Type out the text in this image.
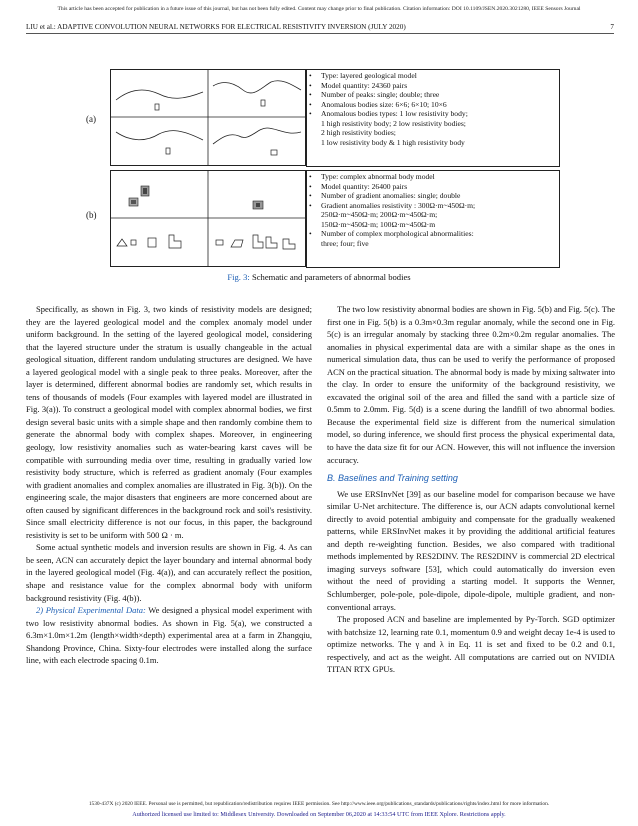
This article has been accepted for publication in a future issue of this journal, but has not been fully edited. Content may change prior to final publication. Citation information: DOI 10.1109/JSEN.2020.3021280, IEEE Sensors Journal
LIU et al.: ADAPTIVE CONVOLUTION NEURAL NETWORKS FOR ELECTRICAL RESISTIVITY INVERSION (JULY 2020)	7
(a)
(b)
• Type: layered geological model
• Model quantity: 24360 pairs
• Number of peaks: single; double; three
• Anomalous bodies size: 6×6; 6×10; 10×6
• Anomalous bodies types: 1 low resistivity body;
1 high resistivity body; 2 low resistivity bodies;
2 high resistivity bodies;
1 low resistivity body & 1 high resistivity body
• Type: complex abnormal body model
• Model quantity: 26400 pairs
• Number of gradient anomalies: single; double
• Gradient anomalies resistivity : 300Ω·m~450Ω·m;
250Ω·m~450Ω·m; 200Ω·m~450Ω·m;
150Ω·m~450Ω·m; 100Ω·m~450Ω·m
• Number of complex morphological abnormalities:
three; four; five
Fig. 3: Schematic and parameters of abnormal bodies

Specifically, as shown in Fig. 3, two kinds of resistivity models are designed; they are the layered geological model and the complex anomaly model under uniform background. In the setting of the layered geological model, considering that the layered structure under the stratum is usually changeable in the actual geological situation, different random undulating structures are designed. We have a layered geological model with a single peak to three peaks. Moreover, after the layer is determined, different abnormal bodies are randomly set, which results in tens of thousands of models (Four examples with layered model are illustrated in Fig. 3(a)). To construct a geological model with complex abnormal bodies, we first design several basic units with a simple shape and then randomly combine them to generate the abnormal body with complex shapes. Moreover, in engineering geology, low resistivity anomalies such as water-bearing karst caves will be compatible with surrounding media over time, resulting in gradually varied low resistivity body structure, which is referred as gradient anomaly (Four examples with gradient anomalies and complex anomalies are illustrated in Fig. 3(b)). On the engineering scale, the major disasters that engineers are more concerned about are often caused by significant differences in the background rock and soil's resistivity. Since small electricity difference is not our focus, in this paper, the background resistivity is set to be uniform with 500 Ω · m.

Some actual synthetic models and inversion results are shown in Fig. 4. As can be seen, ACN can accurately depict the layer boundary and internal abnormal body in the layered geological model (Fig. 4(a)), and can accurately reflect the position, shape and resistance value for the complex abnormal body with uniform background resistivity (Fig. 4(b)).

2) Physical Experimental Data: We designed a physical model experiment with two low resistivity abnormal bodies. As shown in Fig. 5(a), we constructed a 6.3m×1.0m×1.2m (length×width×depth) experimental area at a farm in Zhangqiu, Shandong Province, China. Sixty-four electrodes were installed along the surface line, with each electrode spacing 0.1m.

The two low resistivity abnormal bodies are shown in Fig. 5(b) and Fig. 5(c). The first one in Fig. 5(b) is a 0.3m×0.3m regular anomaly, while the second one in Fig. 5(c) is an irregular anomaly by stacking three 0.2m×0.2m regular anomalies. The anomalies in physical experimental data are with a similar shape as the ones in numerical simulation data, thus can be used to verify the performance of proposed ACN on the practical situation. The abnormal body is made by mixing saltwater into the clay. In order to ensure the uniformity of the background resistivity, we excavated the original soil of the area and filled the sand with a particle size of 0.5mm to 2.0mm. Fig. 5(d) is a scene during the landfill of two abnormal bodies. Because the experimental field size is different from the numerical simulation model, so during inference, we should first process the physical experimental data, to have the data size fit for our ACN. However, this will not influence the inversion accuracy.

B. Baselines and Training setting

We use ERSInvNet [39] as our baseline model for comparison because we have similar U-Net architecture. The difference is, our ACN adapts convolutional kernel directly to avoid potential ambiguity and compensate for the gradually weakened patterns, while ERSInvNet makes it by providing the additional artificial features and depth re-weighting function. Besides, we also compared with traditional methods implemented by RES2DINV. The RES2DINV is commercial 2D electrical imaging surveys software [53], which could automatically do inversion even without the need of providing a starting model. It supports the Wenner, Schlumberger, pole-pole, pole-dipole, dipole-dipole, multiple gradient, and non-conventional arrays.

The proposed ACN and baseline are implemented by Py-Torch. SGD optimizer with batchsize 12, learning rate 0.1, momentum 0.9 and weight decay 1e-4 is used to optimize networks. The γ and λ in Eq. 11 is set and fixed to be 0.2 and 0.1, respectively, and act as the weight. All computations are carried out on NVIDIA TITAN RTX GPUs.

1530-437X (c) 2020 IEEE. Personal use is permitted, but republication/redistribution requires IEEE permission. See http://www.ieee.org/publications_standards/publications/rights/index.html for more information.
Authorized licensed use limited to: Middlesex University. Downloaded on September 06,2020 at 14:33:54 UTC from IEEE Xplore. Restrictions apply.
